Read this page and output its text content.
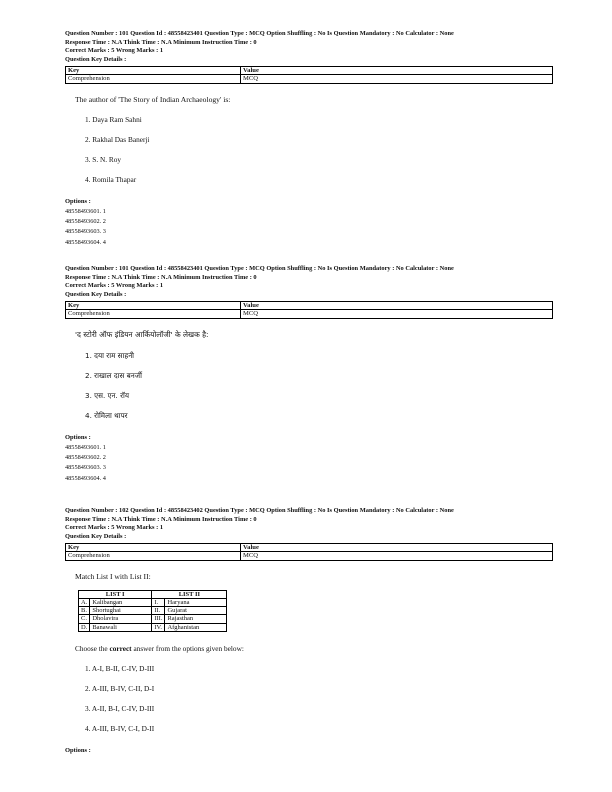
Question Number : 101 Question Id : 48558423401 Question Type : MCQ Option Shuffling : No Is Question Mandatory : No Calculator : None
Response Time : N.A Think Time : N.A Minimum Instruction Time : 0
Correct Marks : 5 Wrong Marks : 1
Question Key Details :
Key	Value
Comprehension	MCQ
The author of 'The Story of Indian Archaeology' is:
1. Daya Ram Sahni
2. Rakhal Das Banerji
3. S. N. Roy
4. Romila Thapar
Options :
48558493601. 1
48558493602. 2
48558493603. 3
48558493604. 4
Question Number : 101 Question Id : 48558423401 Question Type : MCQ Option Shuffling : No Is Question Mandatory : No Calculator : None
Response Time : N.A Think Time : N.A Minimum Instruction Time : 0
Correct Marks : 5 Wrong Marks : 1
Question Key Details :
Key	Value
Comprehension	MCQ
'द स्टोरी ऑफ इंडियन आर्कियोलॉजी' के लेखक है:
1. दया राम साहनी
2. राखाल दास बनर्जी
3. एस. एन. रॉय
4. रोमिला थापर
Options :
48558493601. 1
48558493602. 2
48558493603. 3
48558493604. 4
Question Number : 102 Question Id : 48558423402 Question Type : MCQ Option Shuffling : No Is Question Mandatory : No Calculator : None
Response Time : N.A Think Time : N.A Minimum Instruction Time : 0
Correct Marks : 5 Wrong Marks : 1
Question Key Details :
Key	Value
Comprehension	MCQ
Match List I with List II:
LIST I		LIST II	
A.	Kalibangan	I.	Haryana
B.	Shortughai	II.	Gujarat
C.	Dholavira	III.	Rajasthan
D.	Banawali	IV.	Afghanistan
Choose the correct answer from the options given below:
1. A-I, B-II, C-IV, D-III
2. A-III, B-IV, C-II, D-I
3. A-II, B-I, C-IV, D-III
4. A-III, B-IV, C-I, D-II
Options :
